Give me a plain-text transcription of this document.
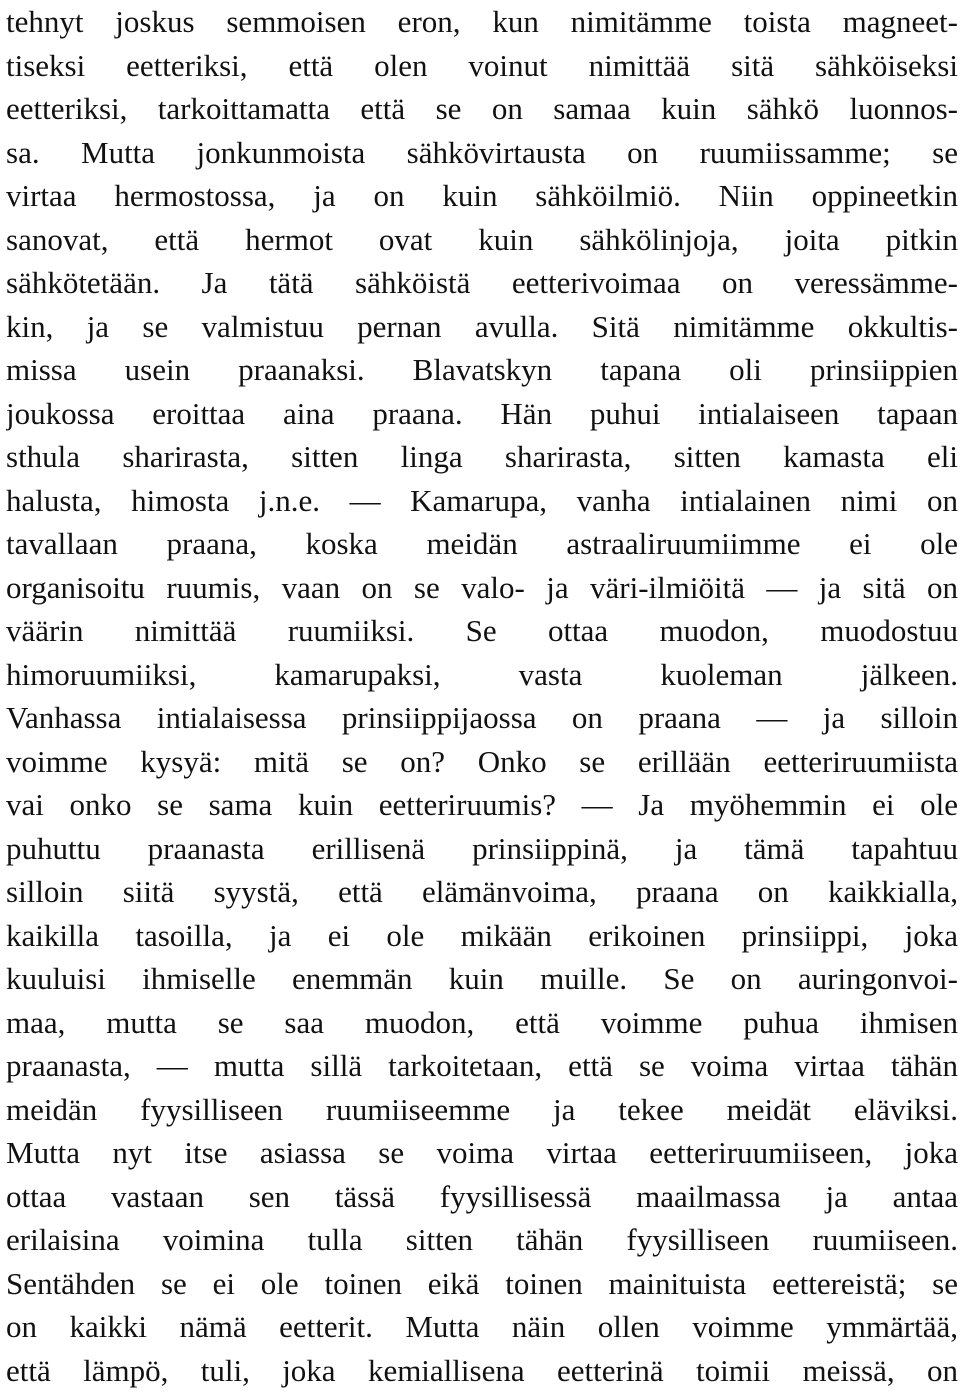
tehnyt joskus semmoisen eron, kun nimitämme toista magneet-
tiseksi eetteriksi, että olen voinut nimittää sitä sähköiseksi
eetteriksi, tarkoittamatta että se on samaa kuin sähkö luonnos-
sa. Mutta jonkunmoista sähkövirtausta on ruumiissamme; se
virtaa hermostossa, ja on kuin sähköilmiö. Niin oppineetkin
sanovat, että hermot ovat kuin sähkölinjoja, joita pitkin
sähkötetään. Ja tätä sähköistä eetterivoimaa on veressämme-
kin, ja se valmistuu pernan avulla. Sitä nimitämme okkultis-
missa usein praanaksi. Blavatskyn tapana oli prinsiippien
joukossa eroittaa aina praana. Hän puhui intialaiseen tapaan
sthula sharirasta, sitten linga sharirasta, sitten kamasta eli
halusta, himosta j.n.e. — Kamarupa, vanha intialainen nimi on
tavallaan praana, koska meidän astraaliruumiimme ei ole
organisoitu ruumis, vaan on se valo- ja väri-ilmiöitä — ja sitä on
väärin nimittää ruumiiksi. Se ottaa muodon, muodostuu
himoruumiiksi, kamarupaksi, vasta kuoleman jälkeen.
Vanhassa intialaisessa prinsiippijaossa on praana — ja silloin
voimme kysyä: mitä se on? Onko se erillään eetteriruumiista
vai onko se sama kuin eetteriruumis? — Ja myöhemmin ei ole
puhuttu praanasta erillisenä prinsiippinä, ja tämä tapahtuu
silloin siitä syystä, että elämänvoima, praana on kaikkialla,
kaikilla tasoilla, ja ei ole mikään erikoinen prinsiippi, joka
kuuluisi ihmiselle enemmän kuin muille. Se on auringonvoi-
maa, mutta se saa muodon, että voimme puhua ihmisen
praanasta, — mutta sillä tarkoitetaan, että se voima virtaa tähän
meidän fyysilliseen ruumiiseemme ja tekee meidät eläviksi.
Mutta nyt itse asiassa se voima virtaa eetteriruumiiseen, joka
ottaa vastaan sen tässä fyysillisessä maailmassa ja antaa
erilaisina voimina tulla sitten tähän fyysilliseen ruumiiseen.
Sentähden se ei ole toinen eikä toinen mainituista eettereistä; se
on kaikki nämä eetterit. Mutta näin ollen voimme ymmärtää,
että lämpö, tuli, joka kemiallisena eetterinä toimii meissä, on
